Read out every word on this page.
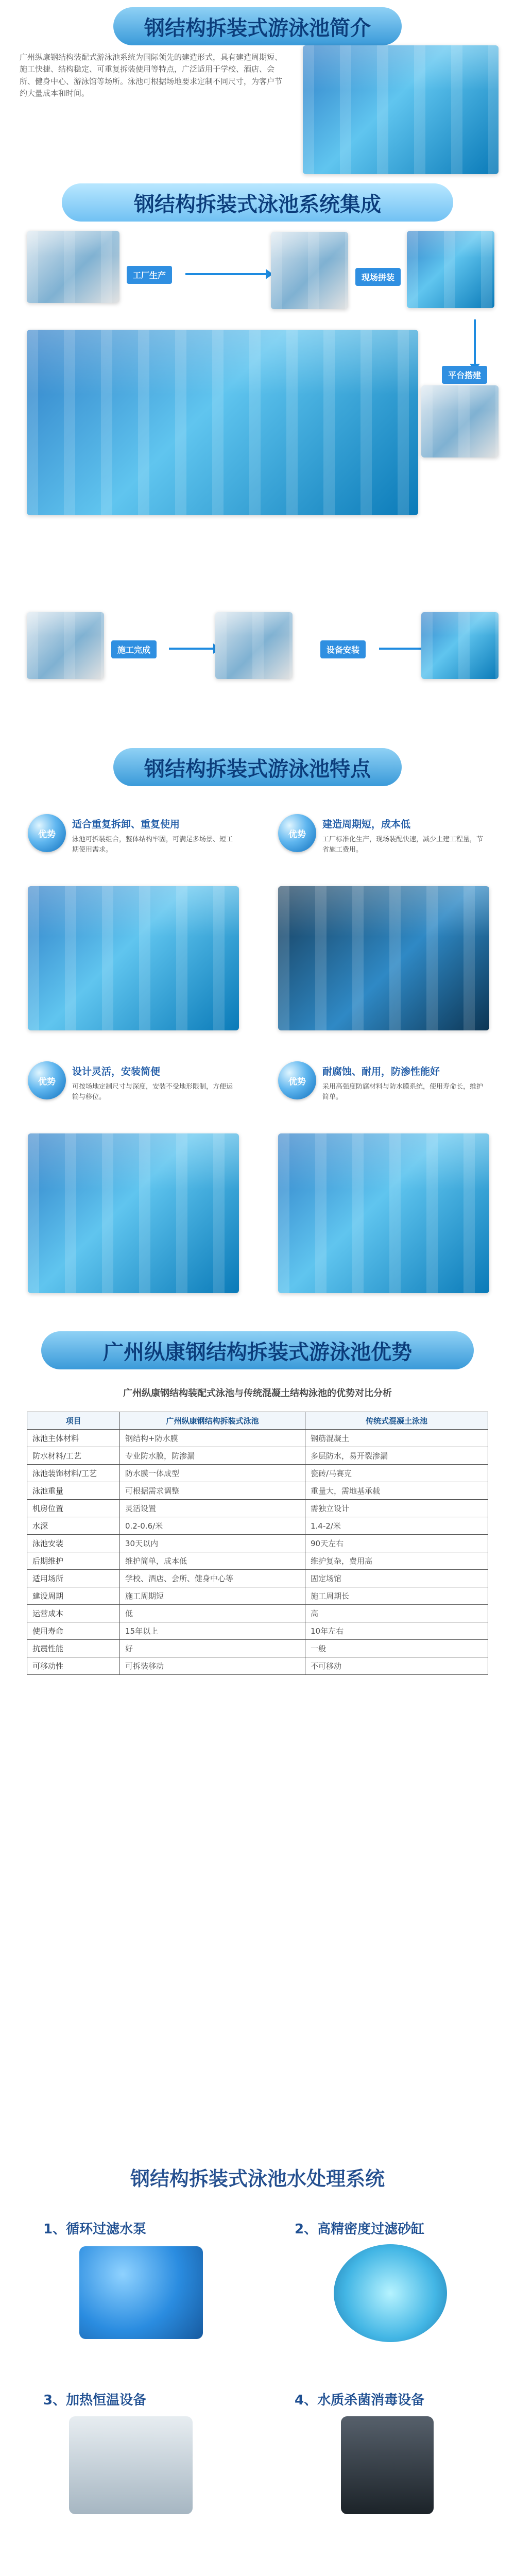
钢结构拆装式游泳池简介
广州纵康钢结构装配式游泳池系统为国际领先的建造形式，具有建造周期短、施工快捷、结构稳定、可重复拆装使用等特点，广泛适用于学校、酒店、会所、健身中心、游泳馆等场所。泳池可根据场地要求定制不同尺寸，为客户节约大量成本和时间。
钢结构拆装式泳池系统集成
工厂生产	现场拼装
平台搭建
施工完成	设备安装
钢结构拆装式游泳池特点
优势
适合重复拆卸、重复使用
泳池可拆装组合，整体结构牢固，可满足多场景、短工期使用需求。
优势
建造周期短，成本低
工厂标准化生产，现场装配快速，减少土建工程量，节省施工费用。
优势
设计灵活，安装简便
可按场地定制尺寸与深度，安装不受地形限制，方便运输与移位。
优势
耐腐蚀、耐用，防渗性能好
采用高强度防腐材料与防水膜系统，使用寿命长，维护简单。
广州纵康钢结构拆装式游泳池优势
广州纵康钢结构装配式泳池与传统混凝土结构泳池的优势对比分析
项目	广州纵康钢结构拆装式泳池	传统式混凝土泳池
泳池主体材料	钢结构+防水膜	钢筋混凝土
防水材料/工艺	专业防水膜，防渗漏	多层防水，易开裂渗漏
泳池装饰材料/工艺	防水膜一体成型	瓷砖/马赛克
泳池重量	可根据需求调整	重量大，需地基承载
机房位置	灵活设置	需独立设计
水深	0.2-0.6/米	1.4-2/米
泳池安装	30天以内	90天左右
后期维护	维护简单，成本低	维护复杂，费用高
适用场所	学校、酒店、会所、健身中心等	固定场馆
建设周期	施工周期短	施工周期长
运营成本	低	高
使用寿命	15年以上	10年左右
抗震性能	好	一般
可移动性	可拆装移动	不可移动
钢结构拆装式泳池水处理系统
1、循环过滤水泵	2、高精密度过滤砂缸
3、加热恒温设备	4、水质杀菌消毒设备
